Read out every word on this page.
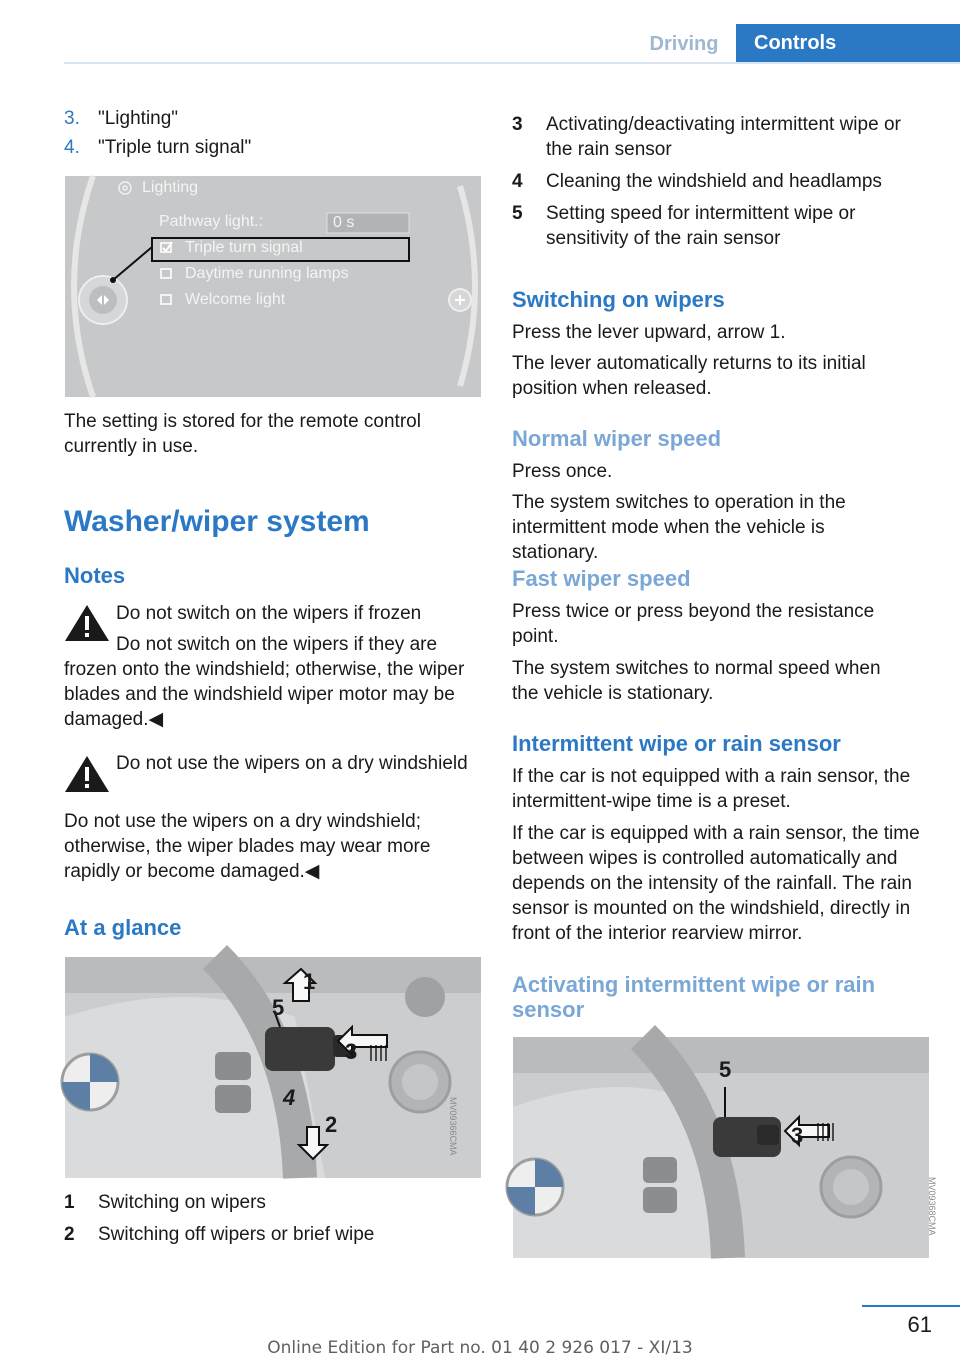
Driving	Controls
3. "Lighting"
4. "Triple turn signal"
Lighting
Pathway light.:	0 s
Triple turn signal
Daytime running lamps
Welcome light

The setting is stored for the remote control currently in use.

Washer/wiper system
Notes

Do not switch on the wipers if frozen

Do not switch on the wipers if they are

frozen onto the windshield; otherwise, the wiper blades and the windshield wiper motor may be damaged.◀

Do not use the wipers on a dry windshield

Do not use the wipers on a dry windshield; otherwise, the wiper blades may wear more rapidly or become damaged.◀

At a glance
1
2
3
4
5
MV09366CMA
1 Switching on wipers
2 Switching off wipers or brief wipe
3 Activating/deactivating intermittent wipe or the rain sensor
4 Cleaning the windshield and headlamps
5 Setting speed for intermittent wipe or sensitivity of the rain sensor
Switching on wipers

Press the lever upward, arrow 1.

The lever automatically returns to its initial position when released.

Normal wiper speed

Press once.

The system switches to operation in the intermittent mode when the vehicle is stationary.

Fast wiper speed

Press twice or press beyond the resistance point.

The system switches to normal speed when the vehicle is stationary.

Intermittent wipe or rain sensor

If the car is not equipped with a rain sensor, the intermittent-wipe time is a preset.

If the car is equipped with a rain sensor, the time between wipes is controlled automatically and depends on the intensity of the rainfall. The rain sensor is mounted on the windshield, directly in front of the interior rearview mirror.

Activating intermittent wipe or rain sensor
5
3
MV09368CMA
61
Online Edition for Part no. 01 40 2 926 017 - XI/13
